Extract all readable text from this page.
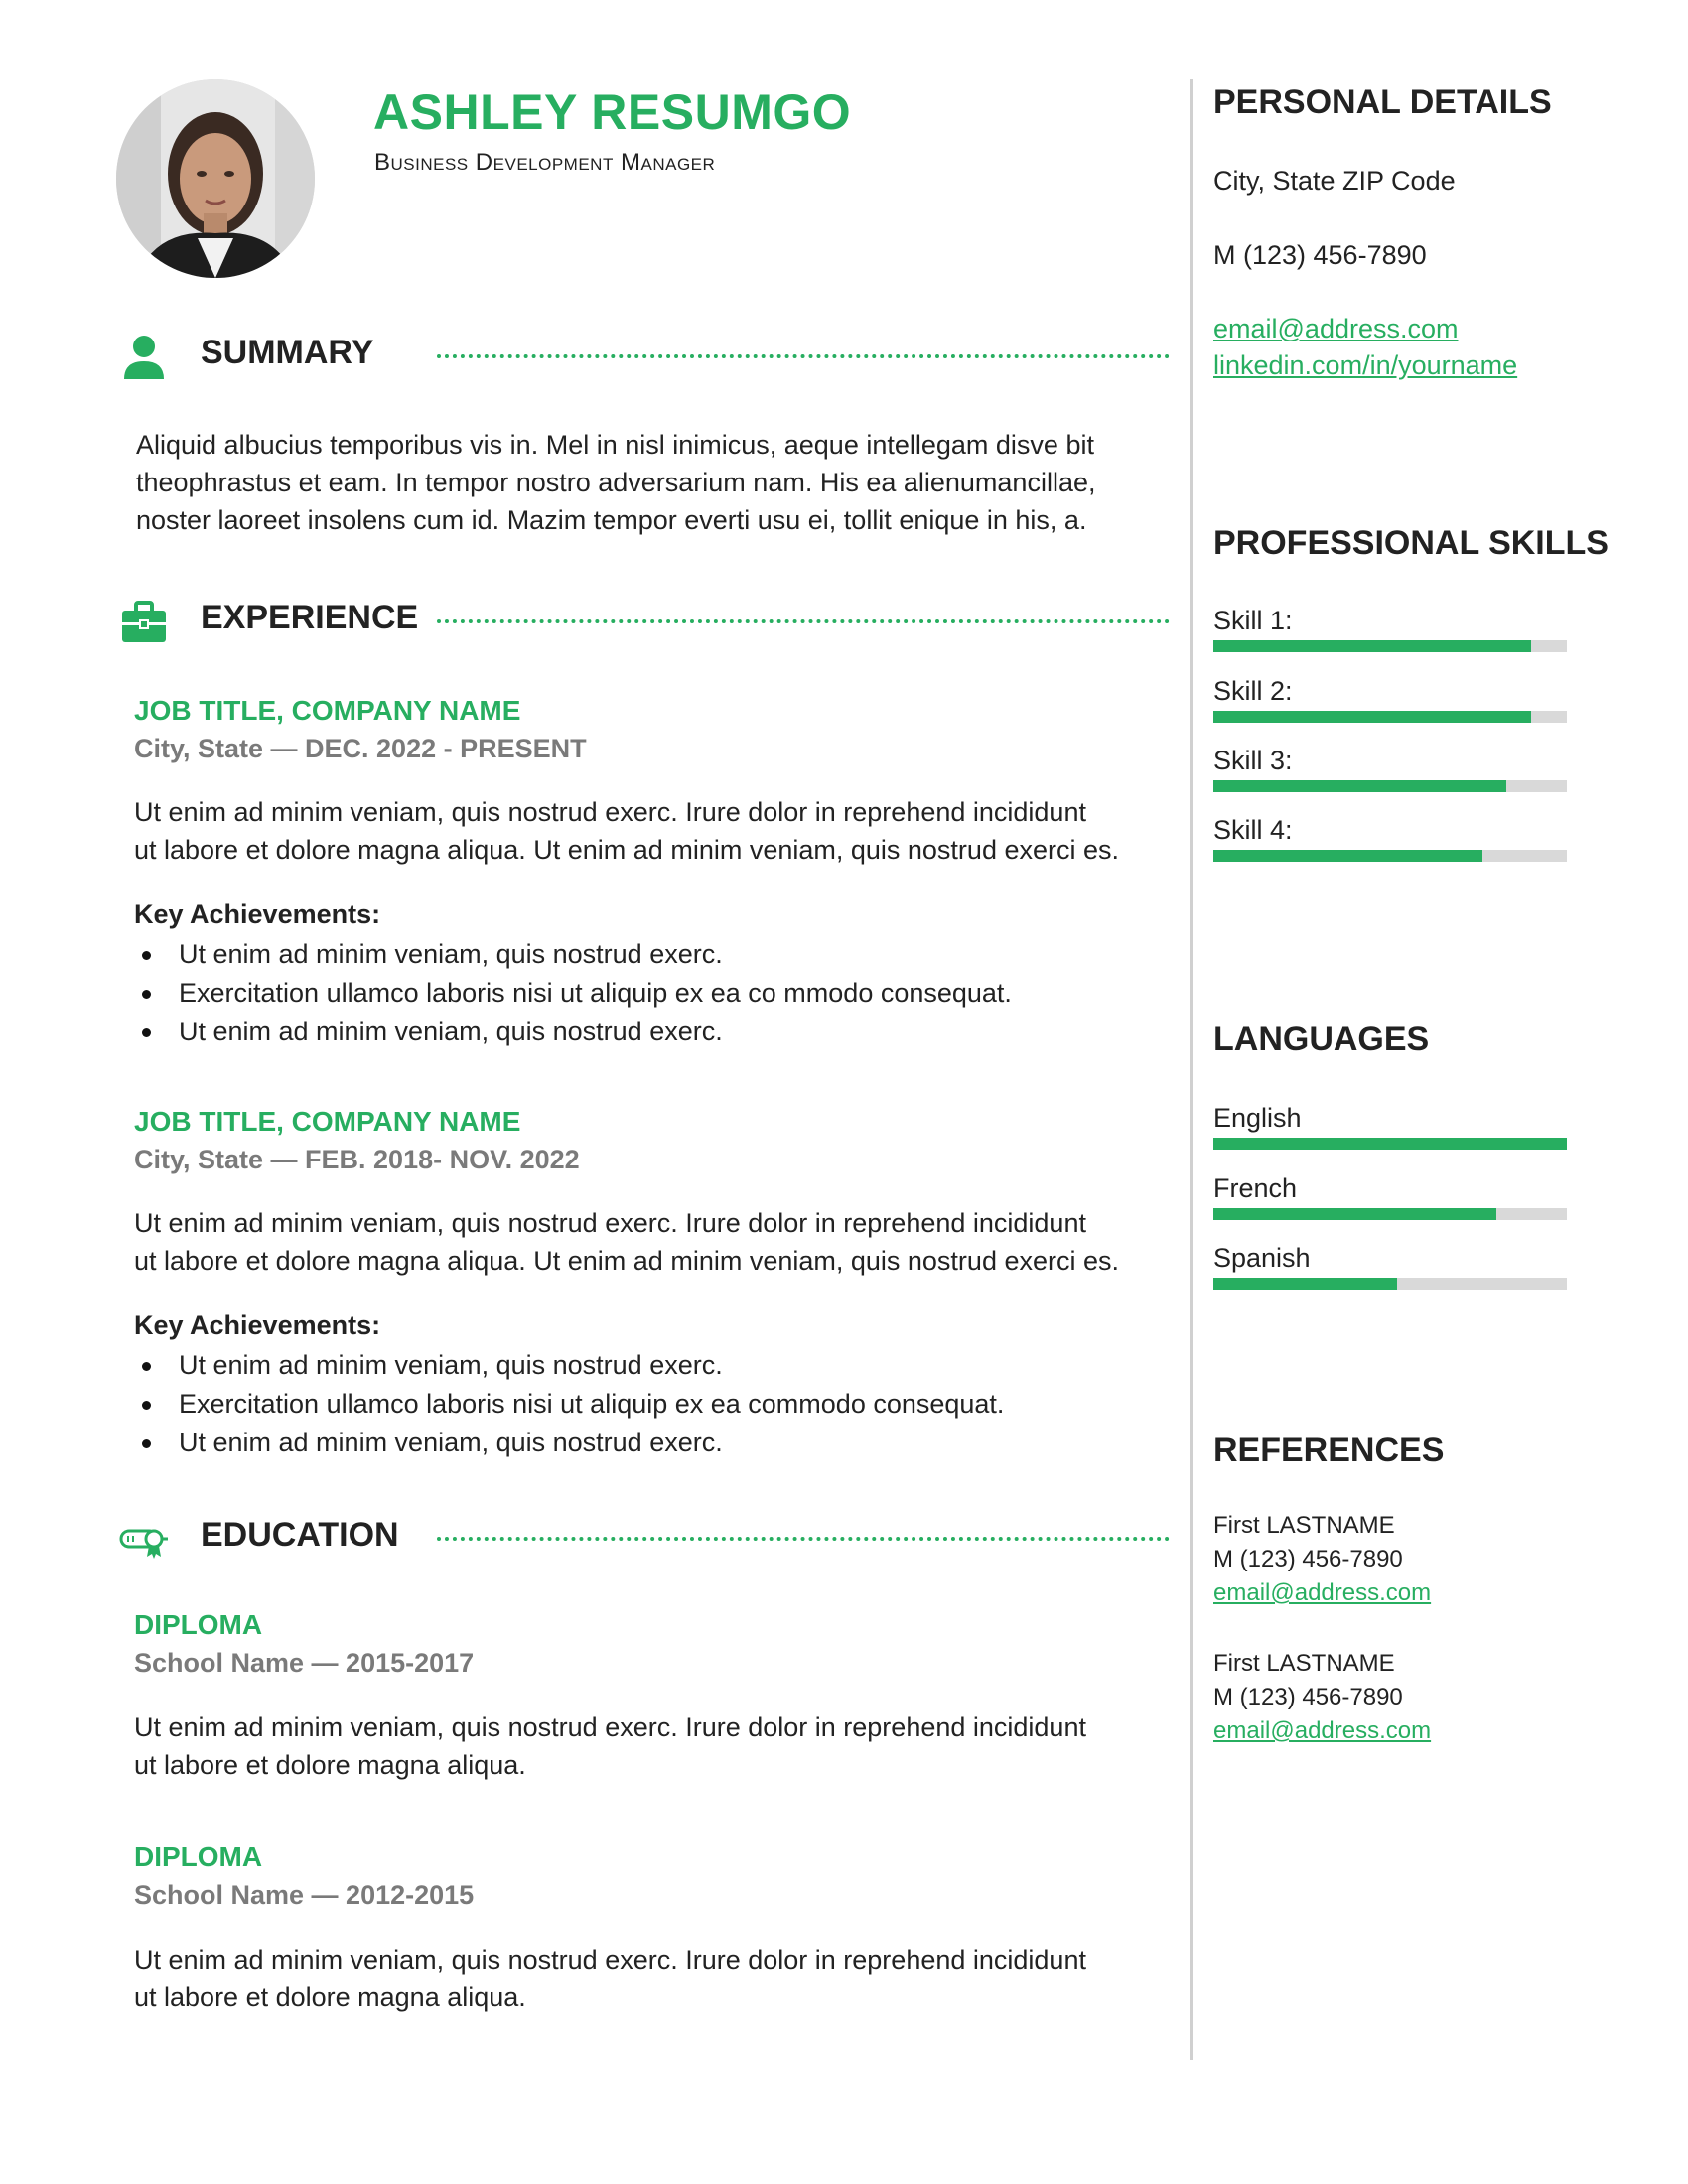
ASHLEY RESUMGO
Business Development Manager
SUMMARY
Aliquid albucius temporibus vis in. Mel in nisl inimicus, aeque intellegam disve bit
theophrastus et eam. In tempor nostro adversarium nam. His ea alienumancillae,
noster laoreet insolens cum id. Mazim tempor everti usu ei, tollit enique in his, a.
EXPERIENCE
JOB TITLE, COMPANY NAME
City, State — DEC. 2022 - PRESENT
Ut enim ad minim veniam, quis nostrud exerc. Irure dolor in reprehend incididunt
ut labore et dolore magna aliqua. Ut enim ad minim veniam, quis nostrud exerci es.
Key Achievements:
Ut enim ad minim veniam, quis nostrud exerc.
Exercitation ullamco laboris nisi ut aliquip ex ea co mmodo consequat.
Ut enim ad minim veniam, quis nostrud exerc.
JOB TITLE, COMPANY NAME
City, State — FEB. 2018- NOV. 2022
Ut enim ad minim veniam, quis nostrud exerc. Irure dolor in reprehend incididunt
ut labore et dolore magna aliqua. Ut enim ad minim veniam, quis nostrud exerci es.
Key Achievements:
Ut enim ad minim veniam, quis nostrud exerc.
Exercitation ullamco laboris nisi ut aliquip ex ea commodo consequat.
Ut enim ad minim veniam, quis nostrud exerc.
EDUCATION
DIPLOMA
School Name — 2015-2017
Ut enim ad minim veniam, quis nostrud exerc. Irure dolor in reprehend incididunt
ut labore et dolore magna aliqua.
DIPLOMA
School Name — 2012-2015
Ut enim ad minim veniam, quis nostrud exerc. Irure dolor in reprehend incididunt
ut labore et dolore magna aliqua.
PERSONAL DETAILS
City, State ZIP Code
M (123) 456-7890
email@address.com
linkedin.com/in/yourname
PROFESSIONAL SKILLS
Skill 1:
Skill 2:
Skill 3:
Skill 4:
LANGUAGES
English
French
Spanish
REFERENCES
First LASTNAME
M (123) 456-7890
email@address.com
First LASTNAME
M (123) 456-7890
email@address.com
